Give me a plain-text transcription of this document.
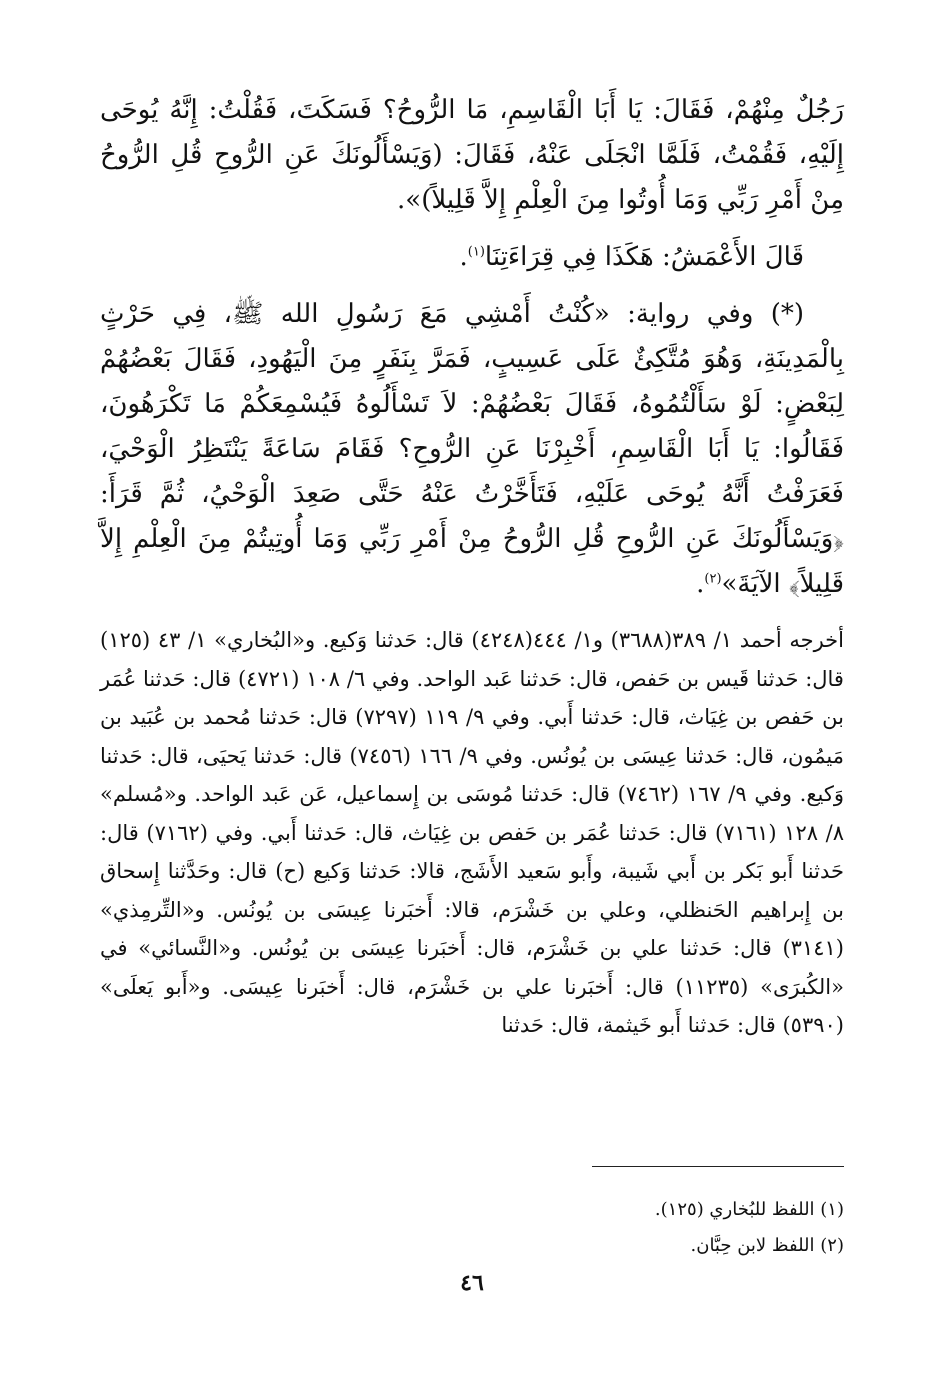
رَجُلٌ مِنْهُمْ، فَقَالَ: يَا أَبَا الْقَاسِمِ، مَا الرُّوحُ؟ فَسَكَتَ، فَقُلْتُ: إِنَّهُ يُوحَى إِلَيْهِ، فَقُمْتُ، فَلَمَّا انْجَلَى عَنْهُ، فَقَالَ: (وَيَسْأَلُونَكَ عَنِ الرُّوحِ قُلِ الرُّوحُ مِنْ أَمْرِ رَبِّي وَمَا أُوتُوا مِنَ الْعِلْمِ إِلاَّ قَلِيلاً)».

قَالَ الأَعْمَشُ: هَكَذَا فِي قِرَاءَتِنَا$^{(١)}$.

(*) وفي رواية: «كُنْتُ أَمْشِي مَعَ رَسُولِ الله ﷺ، فِي حَرْثٍ بِالْمَدِينَةِ، وَهُوَ مُتَّكِئٌ عَلَى عَسِيبٍ، فَمَرَّ بِنَفَرٍ مِنَ الْيَهُودِ، فَقَالَ بَعْضُهُمْ لِبَعْضٍ: لَوْ سَأَلْتُمُوهُ، فَقَالَ بَعْضُهُمْ: لاَ تَسْأَلُوهُ فَيُسْمِعَكُمْ مَا تَكْرَهُونَ، فَقَالُوا: يَا أَبَا الْقَاسِمِ، أَخْبِرْنَا عَنِ الرُّوحِ؟ فَقَامَ سَاعَةً يَنْتَظِرُ الْوَحْيَ، فَعَرَفْتُ أَنَّهُ يُوحَى عَلَيْهِ، فَتَأَخَّرْتُ عَنْهُ حَتَّى صَعِدَ الْوَحْيُ، ثُمَّ قَرَأَ: ﴿وَيَسْأَلُونَكَ عَنِ الرُّوحِ قُلِ الرُّوحُ مِنْ أَمْرِ رَبِّي وَمَا أُوتِيتُمْ مِنَ الْعِلْمِ إِلاَّ قَلِيلاً﴾ الآيَةَ»$^{(٢)}$.

أخرجه أحمد ١/ ٣٨٩(٣٦٨٨) و١/ ٤٤٤(٤٢٤٨) قال: حَدثنا وَكيع. و«البُخاري» ١/ ٤٣ (١٢٥) قال: حَدثنا قَيس بن حَفص، قال: حَدثنا عَبد الواحد. وفي ٦/ ١٠٨ (٤٧٢١) قال: حَدثنا عُمَر بن حَفص بن غِيَاث، قال: حَدثنا أَبي. وفي ٩/ ١١٩ (٧٢٩٧) قال: حَدثنا مُحمد بن عُبَيد بن مَيمُون، قال: حَدثنا عِيسَى بن يُونُس. وفي ٩/ ١٦٦ (٧٤٥٦) قال: حَدثنا يَحيَى، قال: حَدثنا وَكيع. وفي ٩/ ١٦٧ (٧٤٦٢) قال: حَدثنا مُوسَى بن إِسماعيل، عَن عَبد الواحد. و«مُسلم» ٨/ ١٢٨ (٧١٦١) قال: حَدثنا عُمَر بن حَفص بن غِيَاث، قال: حَدثنا أَبي. وفي (٧١٦٢) قال: حَدثنا أَبو بَكر بن أَبي شَيبة، وأَبو سَعيد الأَشَج، قالا: حَدثنا وَكيع (ح) قال: وحَدَّثنا إِسحاق بن إِبراهيم الحَنظلي، وعلي بن خَشْرَم، قالا: أَخبَرنا عِيسَى بن يُونُس. و«التِّرمِذي» (٣١٤١) قال: حَدثنا علي بن خَشْرَم، قال: أَخبَرنا عِيسَى بن يُونُس. و«النَّسائي» في «الكُبرَى» (١١٢٣٥) قال: أَخبَرنا علي بن خَشْرَم، قال: أَخبَرنا عِيسَى. و«أَبو يَعلَى» (٥٣٩٠) قال: حَدثنا أَبو خَيثمة، قال: حَدثنا

(١) اللفظ للبُخاري (١٢٥).

(٢) اللفظ لابن حِبَّان.

٤٦
